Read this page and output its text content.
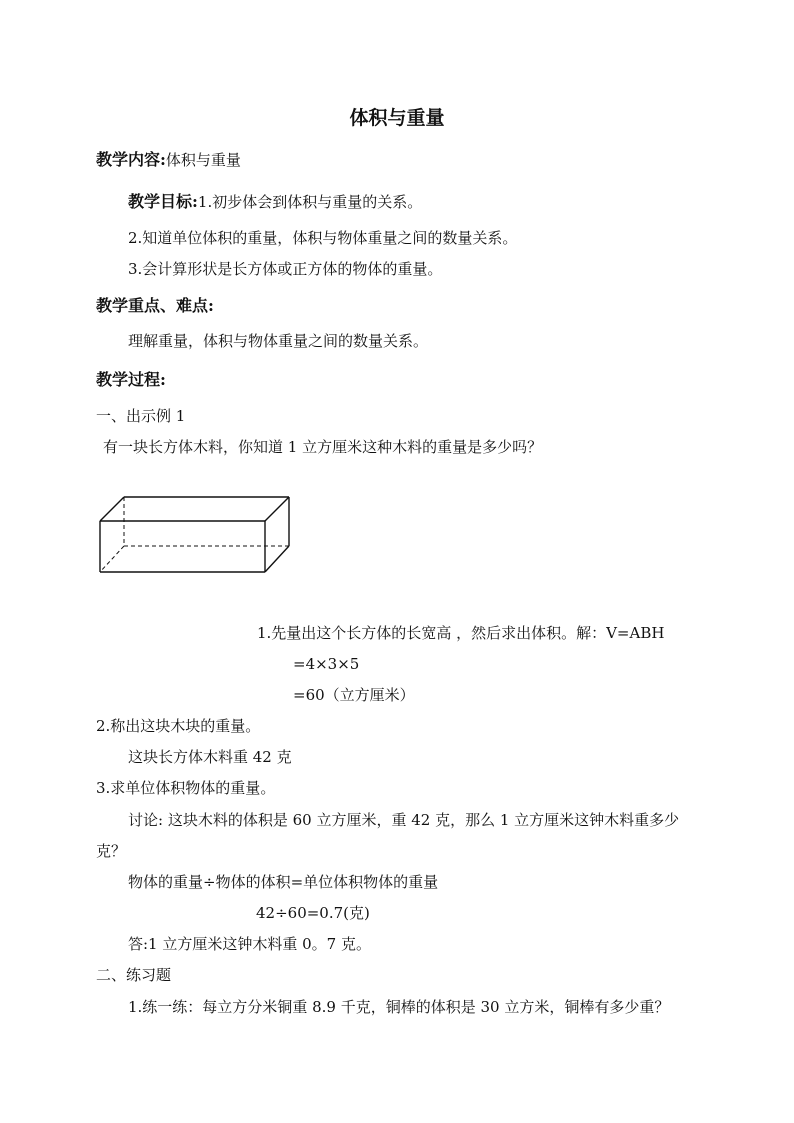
体积与重量
教学内容:体积与重量
教学目标:1.初步体会到体积与重量的关系。
2.知道单位体积的重量，体积与物体重量之间的数量关系。
3.会计算形状是长方体或正方体的物体的重量。
教学重点、难点:
理解重量，体积与物体重量之间的数量关系。
教学过程:
一、出示例 1
有一块长方体木料，你知道 1 立方厘米这种木料的重量是多少吗？
1.先量出这个长方体的长宽高 ，然后求出体积。解：V=ABH
=4×3×5
=60（立方厘米）
2.称出这块木块的重量。
这块长方体木料重 42 克
3.求单位体积物体的重量。
讨论: 这块木料的体积是 60 立方厘米，重 42 克，那么 1 立方厘米这钟木料重多少
克？
物体的重量÷物体的体积=单位体积物体的重量
42÷60=0.7(克)
答:1 立方厘米这钟木料重 0。7 克。
二、练习题
1.练一练：每立方分米铜重 8.9 千克，铜棒的体积是 30 立方米，铜棒有多少重？
